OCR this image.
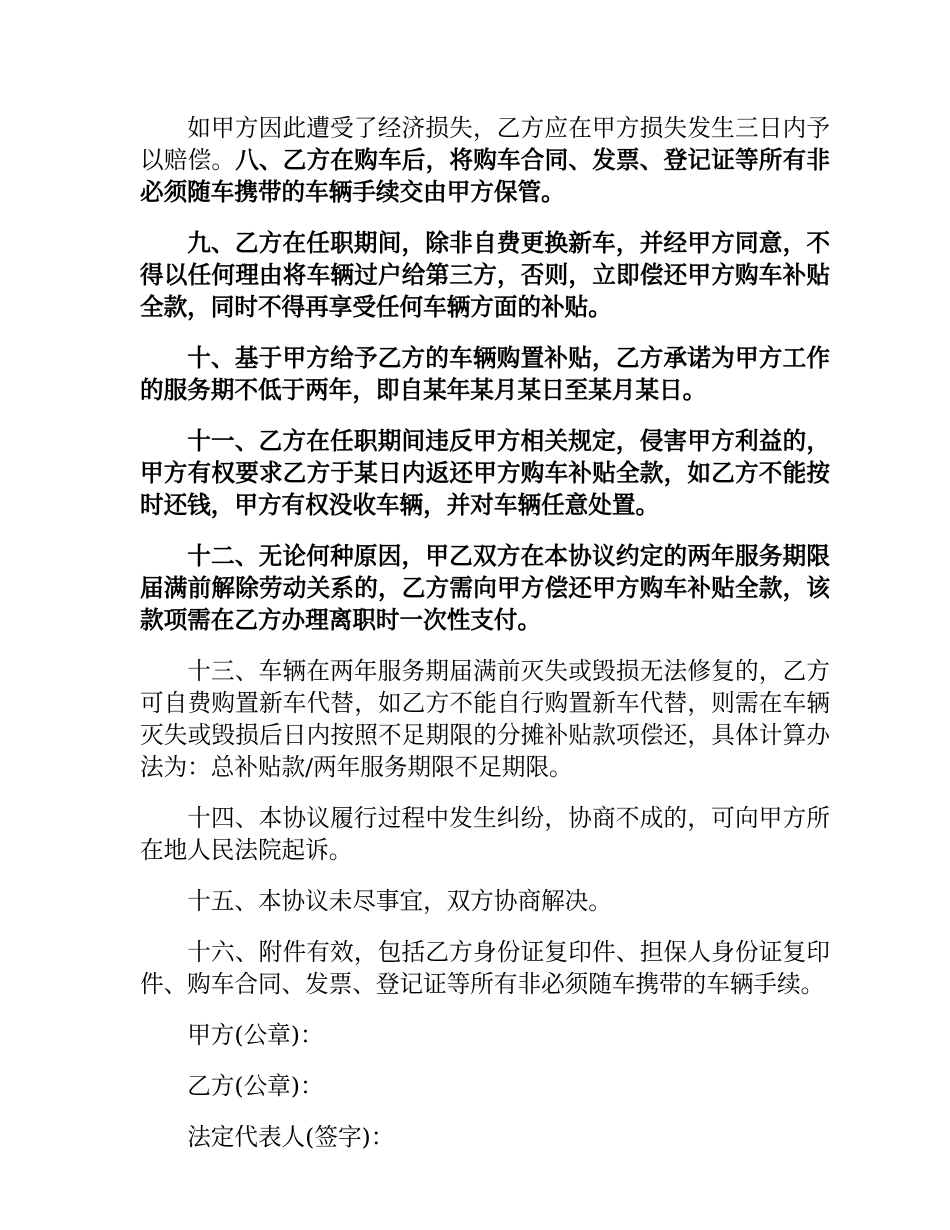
如甲方因此遭受了经济损失，乙方应在甲方损失发生三日内予以赔偿。八、乙方在购车后，将购车合同、发票、登记证等所有非必须随车携带的车辆手续交由甲方保管。

九、乙方在任职期间，除非自费更换新车，并经甲方同意，不得以任何理由将车辆过户给第三方，否则，立即偿还甲方购车补贴全款，同时不得再享受任何车辆方面的补贴。

十、基于甲方给予乙方的车辆购置补贴，乙方承诺为甲方工作的服务期不低于两年，即自某年某月某日至某月某日。

十一、乙方在任职期间违反甲方相关规定，侵害甲方利益的，甲方有权要求乙方于某日内返还甲方购车补贴全款，如乙方不能按时还钱，甲方有权没收车辆，并对车辆任意处置。

十二、无论何种原因，甲乙双方在本协议约定的两年服务期限届满前解除劳动关系的，乙方需向甲方偿还甲方购车补贴全款，该款项需在乙方办理离职时一次性支付。

十三、车辆在两年服务期届满前灭失或毁损无法修复的，乙方可自费购置新车代替，如乙方不能自行购置新车代替，则需在车辆灭失或毁损后日内按照不足期限的分摊补贴款项偿还，具体计算办法为：总补贴款/两年服务期限不足期限。

十四、本协议履行过程中发生纠纷，协商不成的，可向甲方所在地人民法院起诉。

十五、本协议未尽事宜，双方协商解决。

十六、附件有效，包括乙方身份证复印件、担保人身份证复印件、购车合同、发票、登记证等所有非必须随车携带的车辆手续。

甲方(公章)：

乙方(公章)：

法定代表人(签字)：
